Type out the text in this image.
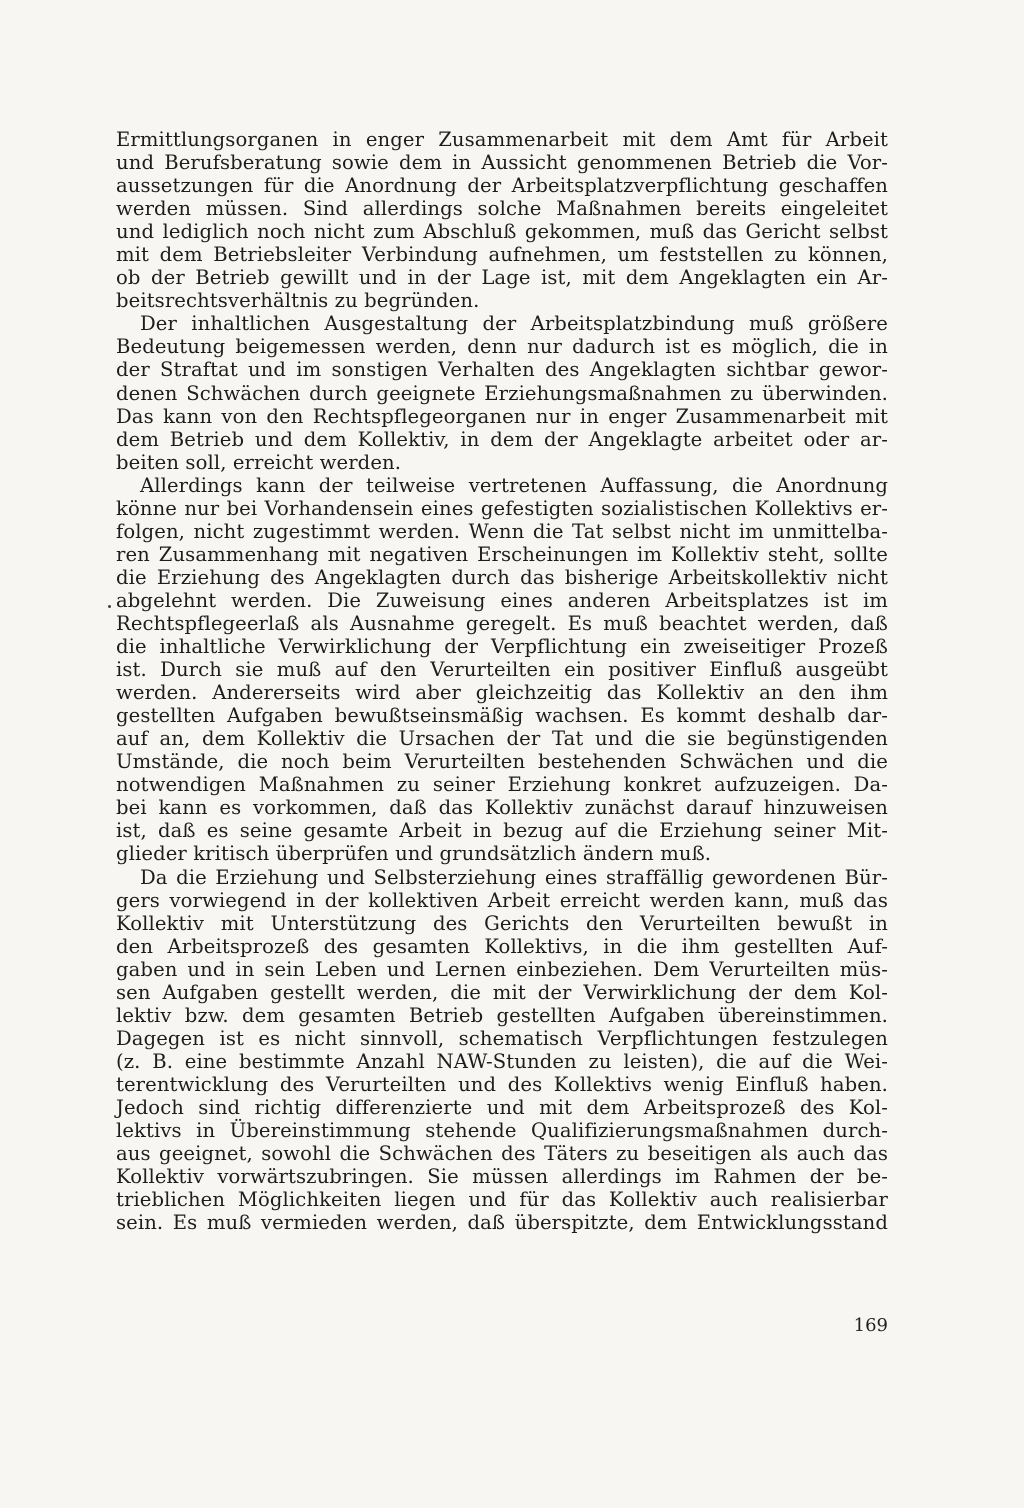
Ermittlungsorganen in enger Zusammenarbeit mit dem Amt für Arbeit
und Berufsberatung sowie dem in Aussicht genommenen Betrieb die Vor-
aussetzungen für die Anordnung der Arbeitsplatzverpflichtung geschaffen
werden müssen. Sind allerdings solche Maßnahmen bereits eingeleitet
und lediglich noch nicht zum Abschluß gekommen, muß das Gericht selbst
mit dem Betriebsleiter Verbindung aufnehmen, um feststellen zu können,
ob der Betrieb gewillt und in der Lage ist, mit dem Angeklagten ein Ar-
beitsrechtsverhältnis zu begründen.
Der inhaltlichen Ausgestaltung der Arbeitsplatzbindung muß größere
Bedeutung beigemessen werden, denn nur dadurch ist es möglich, die in
der Straftat und im sonstigen Verhalten des Angeklagten sichtbar gewor-
denen Schwächen durch geeignete Erziehungsmaßnahmen zu überwinden.
Das kann von den Rechtspflegeorganen nur in enger Zusammenarbeit mit
dem Betrieb und dem Kollektiv, in dem der Angeklagte arbeitet oder ar-
beiten soll, erreicht werden.
Allerdings kann der teilweise vertretenen Auffassung, die Anordnung
könne nur bei Vorhandensein eines gefestigten sozialistischen Kollektivs er-
folgen, nicht zugestimmt werden. Wenn die Tat selbst nicht im unmittelba-
ren Zusammenhang mit negativen Erscheinungen im Kollektiv steht, sollte
die Erziehung des Angeklagten durch das bisherige Arbeitskollektiv nicht
abgelehnt werden. Die Zuweisung eines anderen Arbeitsplatzes ist im
Rechtspflegeerlaß als Ausnahme geregelt. Es muß beachtet werden, daß
die inhaltliche Verwirklichung der Verpflichtung ein zweiseitiger Prozeß
ist. Durch sie muß auf den Verurteilten ein positiver Einfluß ausgeübt
werden. Andererseits wird aber gleichzeitig das Kollektiv an den ihm
gestellten Aufgaben bewußtseinsmäßig wachsen. Es kommt deshalb dar-
auf an, dem Kollektiv die Ursachen der Tat und die sie begünstigenden
Umstände, die noch beim Verurteilten bestehenden Schwächen und die
notwendigen Maßnahmen zu seiner Erziehung konkret aufzuzeigen. Da-
bei kann es vorkommen, daß das Kollektiv zunächst darauf hinzuweisen
ist, daß es seine gesamte Arbeit in bezug auf die Erziehung seiner Mit-
glieder kritisch überprüfen und grundsätzlich ändern muß.
Da die Erziehung und Selbsterziehung eines straffällig gewordenen Bür-
gers vorwiegend in der kollektiven Arbeit erreicht werden kann, muß das
Kollektiv mit Unterstützung des Gerichts den Verurteilten bewußt in
den Arbeitsprozeß des gesamten Kollektivs, in die ihm gestellten Auf-
gaben und in sein Leben und Lernen einbeziehen. Dem Verurteilten müs-
sen Aufgaben gestellt werden, die mit der Verwirklichung der dem Kol-
lektiv bzw. dem gesamten Betrieb gestellten Aufgaben übereinstimmen.
Dagegen ist es nicht sinnvoll, schematisch Verpflichtungen festzulegen
(z. B. eine bestimmte Anzahl NAW-Stunden zu leisten), die auf die Wei-
terentwicklung des Verurteilten und des Kollektivs wenig Einfluß haben.
Jedoch sind richtig differenzierte und mit dem Arbeitsprozeß des Kol-
lektivs in Übereinstimmung stehende Qualifizierungsmaßnahmen durch-
aus geeignet, sowohl die Schwächen des Täters zu beseitigen als auch das
Kollektiv vorwärtszubringen. Sie müssen allerdings im Rahmen der be-
trieblichen Möglichkeiten liegen und für das Kollektiv auch realisierbar
sein. Es muß vermieden werden, daß überspitzte, dem Entwicklungsstand
169
